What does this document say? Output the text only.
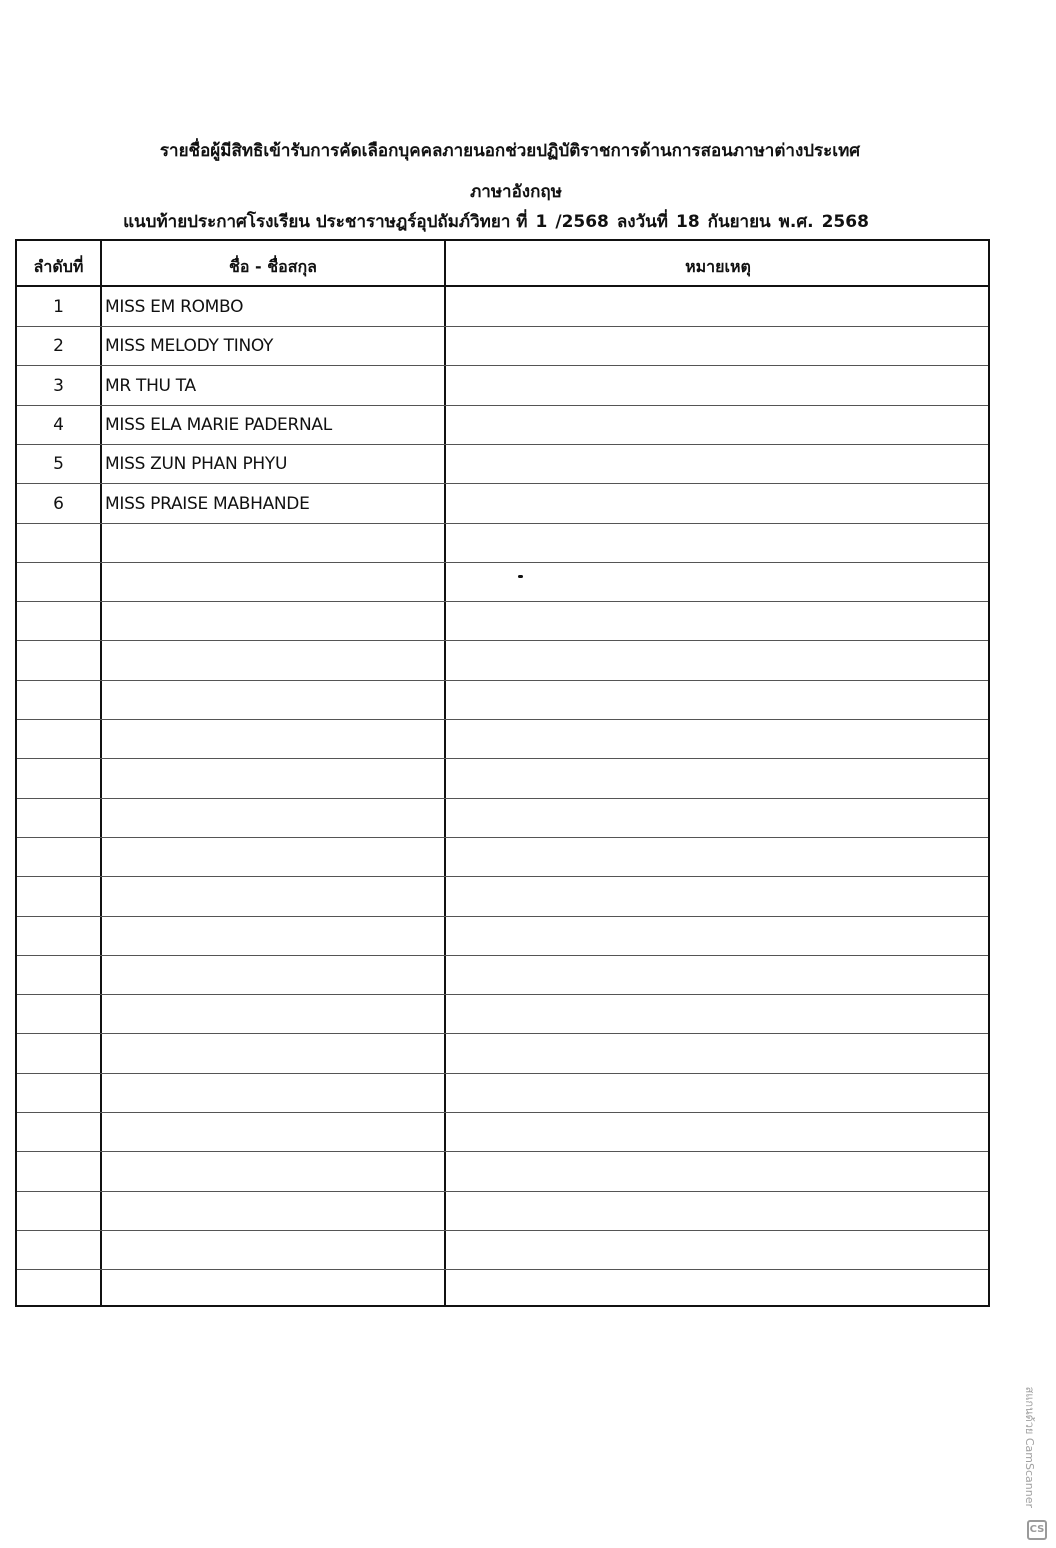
รายชื่อผู้มีสิทธิเข้ารับการคัดเลือกบุคคลภายนอกช่วยปฏิบัติราชการด้านการสอนภาษาต่างประเทศ
ภาษาอังกฤษ
แนบท้ายประกาศโรงเรียน ประชาราษฎร์อุปถัมภ์วิทยา ที่ 1 /2568 ลงวันที่ 18 กันยายน พ.ศ. 2568
ลำดับที่	ชื่อ - ชื่อสกุล	หมายเหตุ
1	MISS EM ROMBO
2	MISS MELODY TINOY
3	MR THU TA
4	MISS ELA MARIE PADERNAL
5	MISS ZUN PHAN PHYU
6	MISS PRAISE MABHANDE
สแกนด้วย CamScanner
CS
